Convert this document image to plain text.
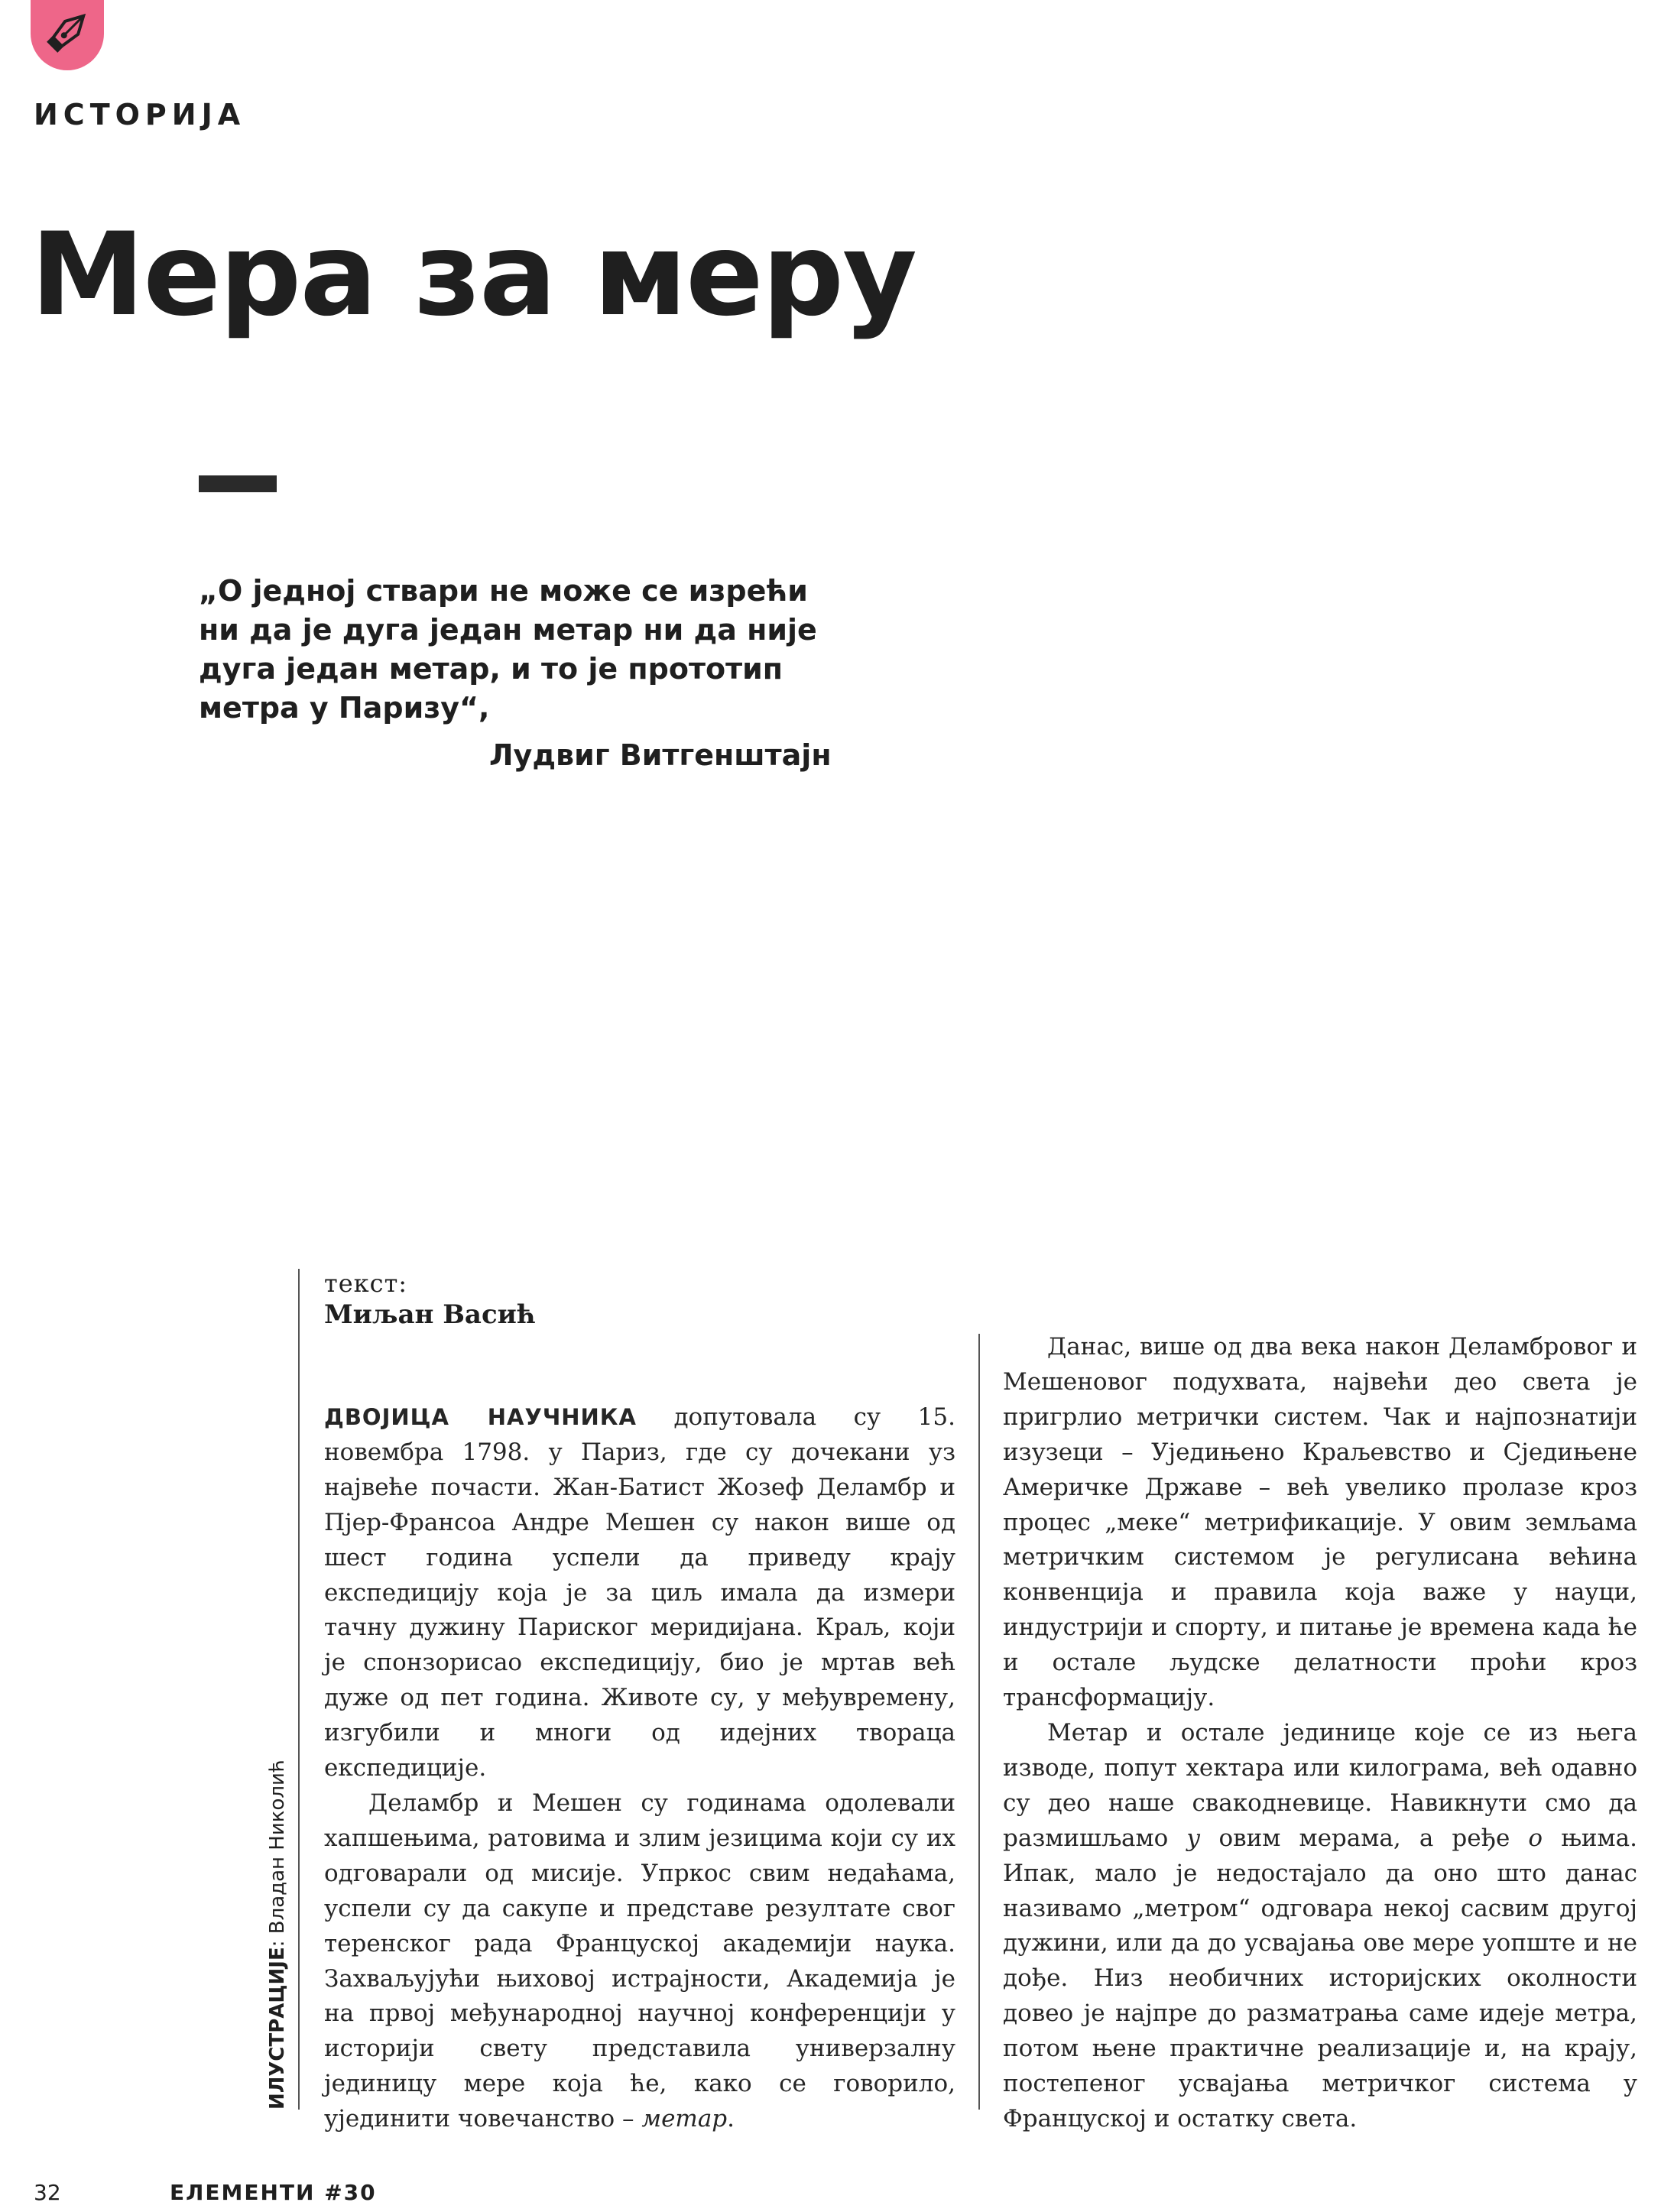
ИСТОРИЈА
Мера за меру
„О једној ствари не може се изрећи ни да је дуга један метар ни да није дуга један метар, и то је прототип метра у Паризу“,
Лудвиг Витгенштајн
текст:
Миљан Васић
ИЛУСТРАЦИЈЕ: Владан Николић

ДВОЈИЦА НАУЧНИКА допутовала су 15. новембра 1798. у Париз, где су дочекани уз највеће почасти. Жан-Батист Жозеф Деламбр и Пјер-Франсоа Андре Мешен су након више од шест година успели да приведу крају експедицију која је за циљ имала да измери тачну дужину Париског меридијана. Краљ, који је спонзорисао експедицију, био је мртав већ дуже од пет година. Животе су, у међувремену, изгубили и многи од идејних твораца експедиције.

Деламбр и Мешен су годинама одолевали хапшењима, ратовима и злим језицима који су их одговарали од мисије. Упркос свим недаћама, успели су да сакупе и представе резултате свог теренског рада Француској академији наука. Захваљујући њиховој истрајности, Академија је на првој међународној научној конференцији у историји свету представила универзалну јединицу мере која ће, како се говорило, ујединити човечанство – метар.

Данас, више од два века након Деламбровог и Мешеновог подухвата, највећи део света је пригрлио метрички систем. Чак и најпознатији изузеци – Уједињено Краљевство и Сједињене Америчке Државе – већ увелико пролазе кроз процес „меке“ метрификације. У овим земљама метричким системом је регулисана већина конвенција и правила која важе у науци, индустрији и спорту, и питање је времена када ће и остале људске делатности проћи кроз трансформацију.

Метар и остале јединице које се из њега изводе, попут хектара или килограма, већ одавно су део наше свакодневице. Навикнути смо да размишљамо у овим мерама, а ређе о њима. Ипак, мало је недостајало да оно што данас називамо „метром“ одговара некој сасвим другој дужини, или да до усвајања ове мере уопште и не дође. Низ необичних историјских околности довео је најпре до разматрања саме идеје метра, потом њене практичне реализације и, на крају, постепеног усвајања метричког система у Француској и остатку света.

32	ЕЛЕМЕНТИ #30
